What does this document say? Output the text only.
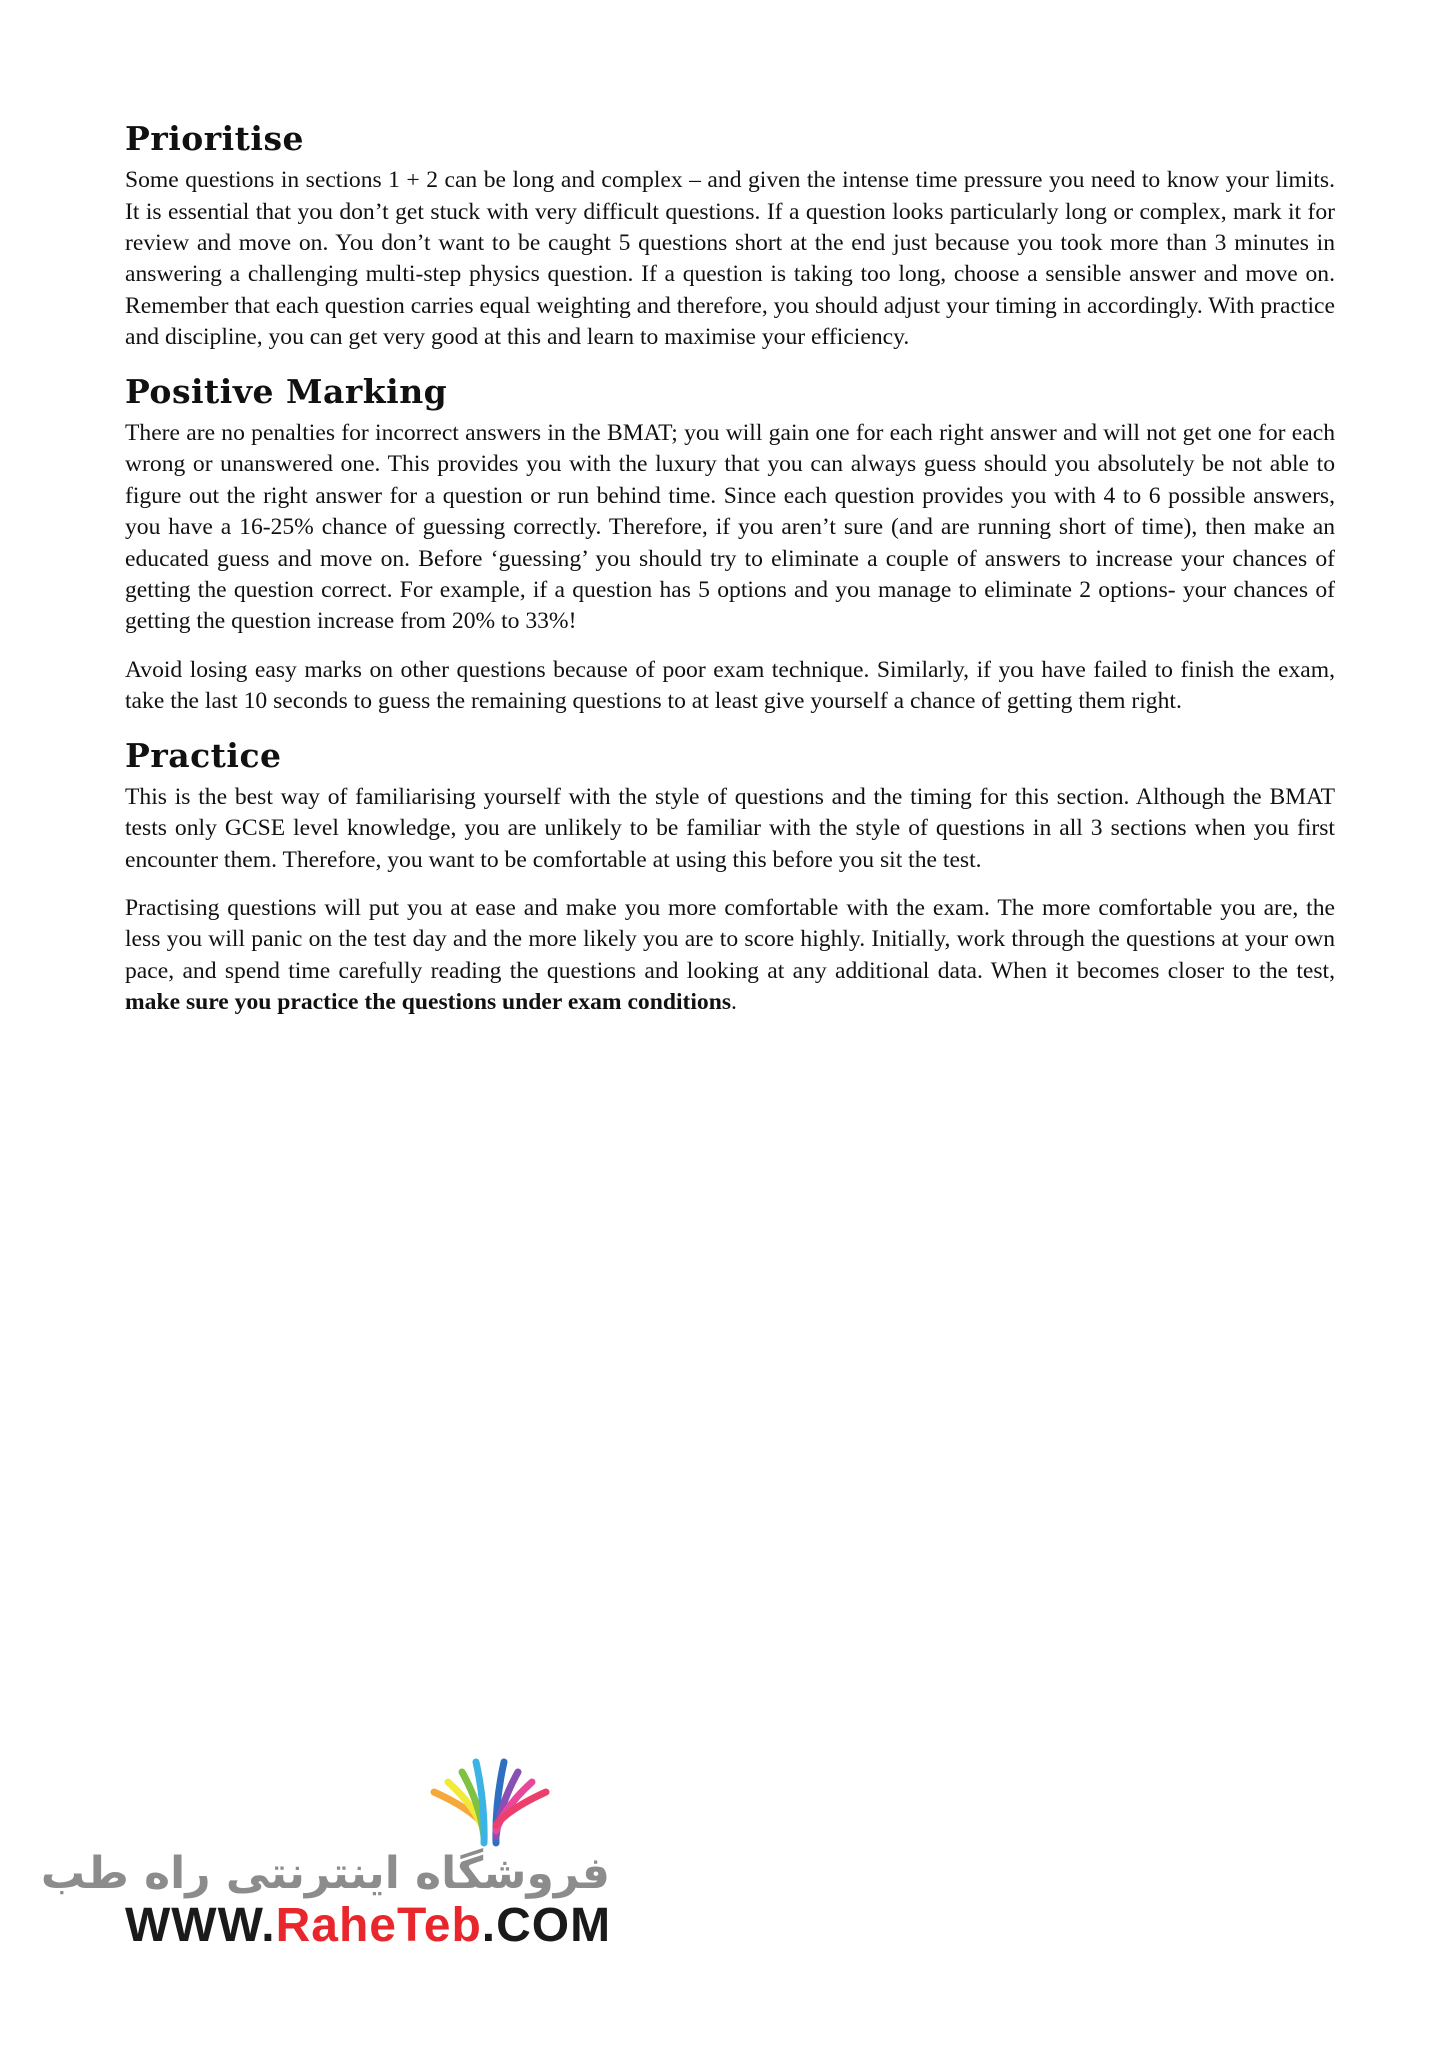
Prioritise

Some questions in sections 1 + 2 can be long and complex – and given the intense time pressure you need to know your limits. It is essential that you don’t get stuck with very difficult questions. If a question looks particularly long or complex, mark it for review and move on. You don’t want to be caught 5 questions short at the end just because you took more than 3 minutes in answering a challenging multi-step physics question. If a question is taking too long, choose a sensible answer and move on. Remember that each question carries equal weighting and therefore, you should adjust your timing in accordingly. With practice and discipline, you can get very good at this and learn to maximise your efficiency.

Positive Marking

There are no penalties for incorrect answers in the BMAT; you will gain one for each right answer and will not get one for each wrong or unanswered one. This provides you with the luxury that you can always guess should you absolutely be not able to figure out the right answer for a question or run behind time. Since each question provides you with 4 to 6 possible answers, you have a 16-25% chance of guessing correctly. Therefore, if you aren’t sure (and are running short of time), then make an educated guess and move on. Before ‘guessing’ you should try to eliminate a couple of answers to increase your chances of getting the question correct. For example, if a question has 5 options and you manage to eliminate 2 options- your chances of getting the question increase from 20% to 33%!

Avoid losing easy marks on other questions because of poor exam technique. Similarly, if you have failed to finish the exam, take the last 10 seconds to guess the remaining questions to at least give yourself a chance of getting them right.

Practice

This is the best way of familiarising yourself with the style of questions and the timing for this section. Although the BMAT tests only GCSE level knowledge, you are unlikely to be familiar with the style of questions in all 3 sections when you first encounter them. Therefore, you want to be comfortable at using this before you sit the test.

Practising questions will put you at ease and make you more comfortable with the exam. The more comfortable you are, the less you will panic on the test day and the more likely you are to score highly. Initially, work through the questions at your own pace, and spend time carefully reading the questions and looking at any additional data. When it becomes closer to the test, make sure you practice the questions under exam conditions.

فروشگاه اینترنتی راه طب
WWW.RaheTeb.COM
